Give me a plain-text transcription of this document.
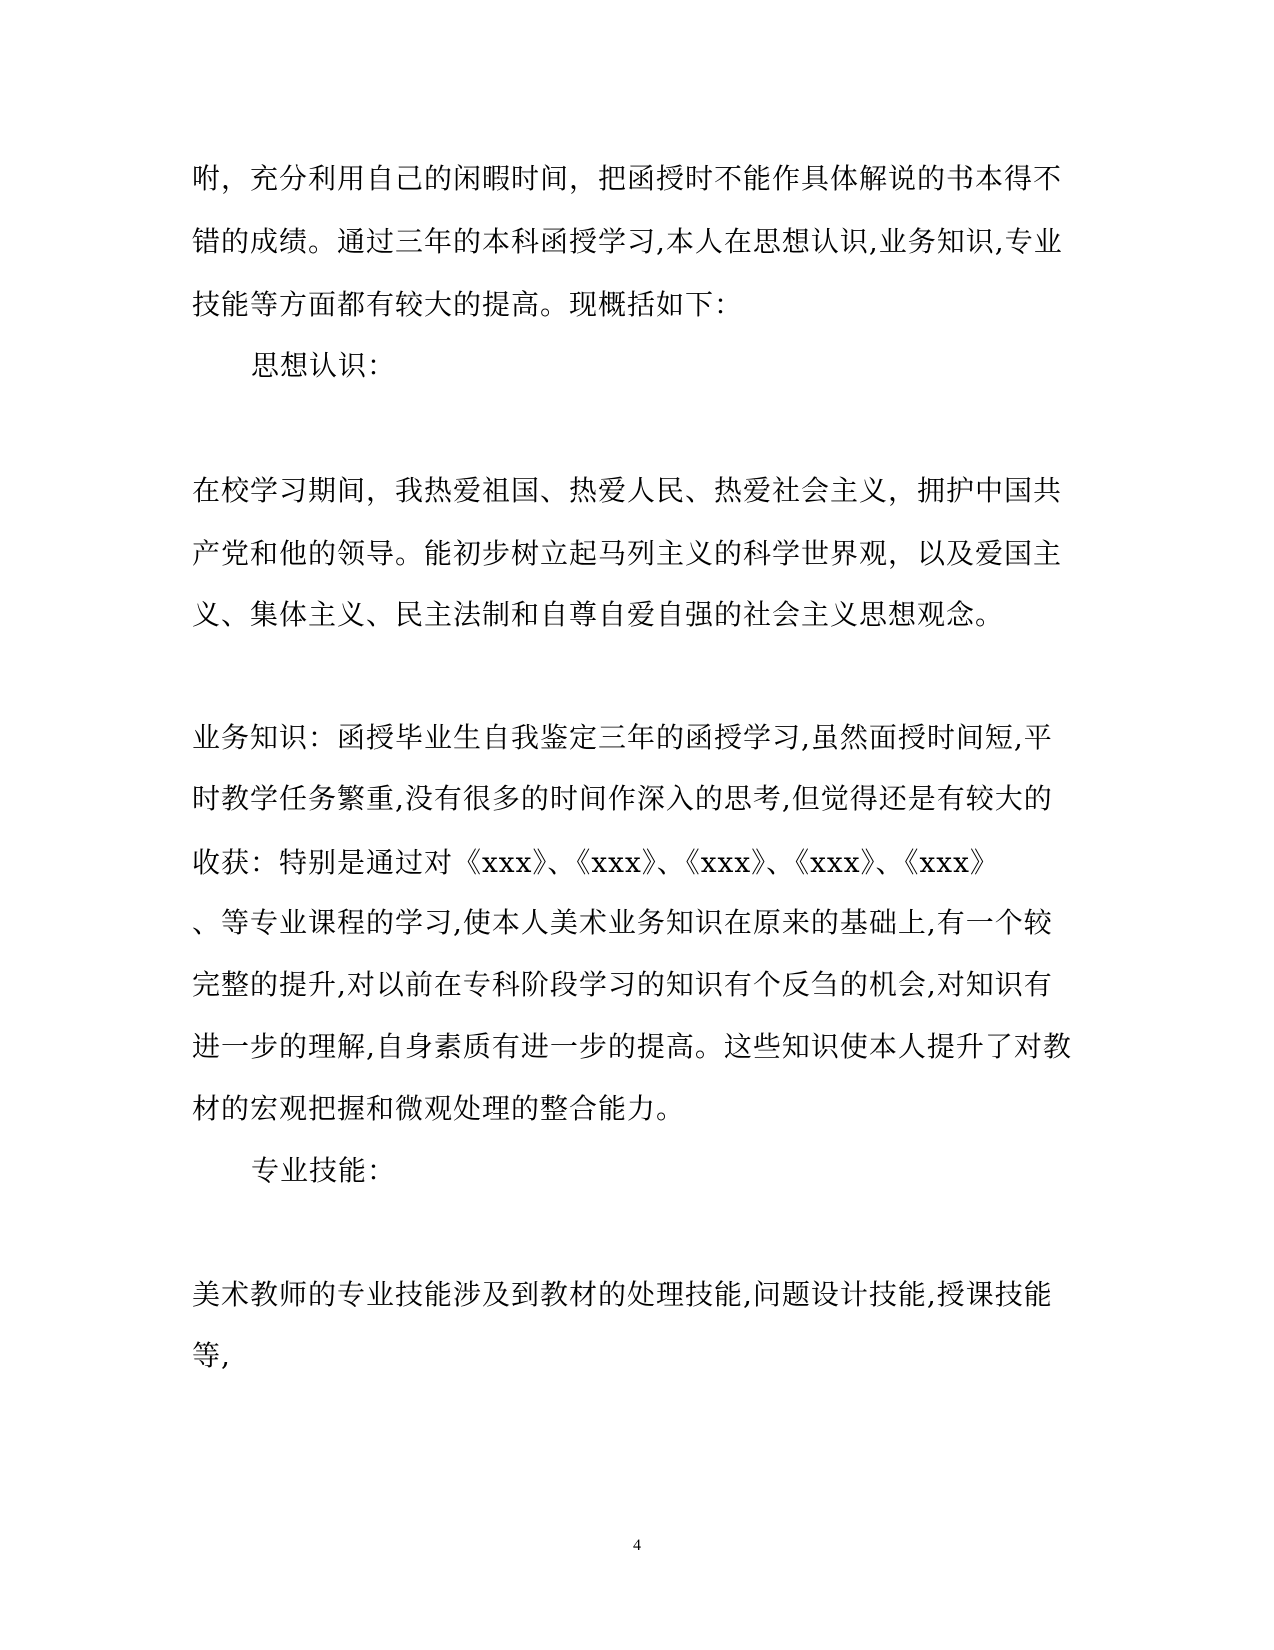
咐，充分利用自己的闲暇时间，把函授时不能作具体解说的书本得不
错的成绩。通过三年的本科函授学习,本人在思想认识,业务知识,专业
技能等方面都有较大的提高。现概括如下：
思想认识：
在校学习期间，我热爱祖国、热爱人民、热爱社会主义，拥护中国共
产党和他的领导。能初步树立起马列主义的科学世界观，以及爱国主
义、集体主义、民主法制和自尊自爱自强的社会主义思想观念。
业务知识：函授毕业生自我鉴定三年的函授学习,虽然面授时间短,平
时教学任务繁重,没有很多的时间作深入的思考,但觉得还是有较大的
收获：特别是通过对《xxx》、《xxx》、《xxx》、《xxx》、《xxx》
、等专业课程的学习,使本人美术业务知识在原来的基础上,有一个较
完整的提升,对以前在专科阶段学习的知识有个反刍的机会,对知识有
进一步的理解,自身素质有进一步的提高。这些知识使本人提升了对教
材的宏观把握和微观处理的整合能力。
专业技能：
美术教师的专业技能涉及到教材的处理技能,问题设计技能,授课技能
等,
4
